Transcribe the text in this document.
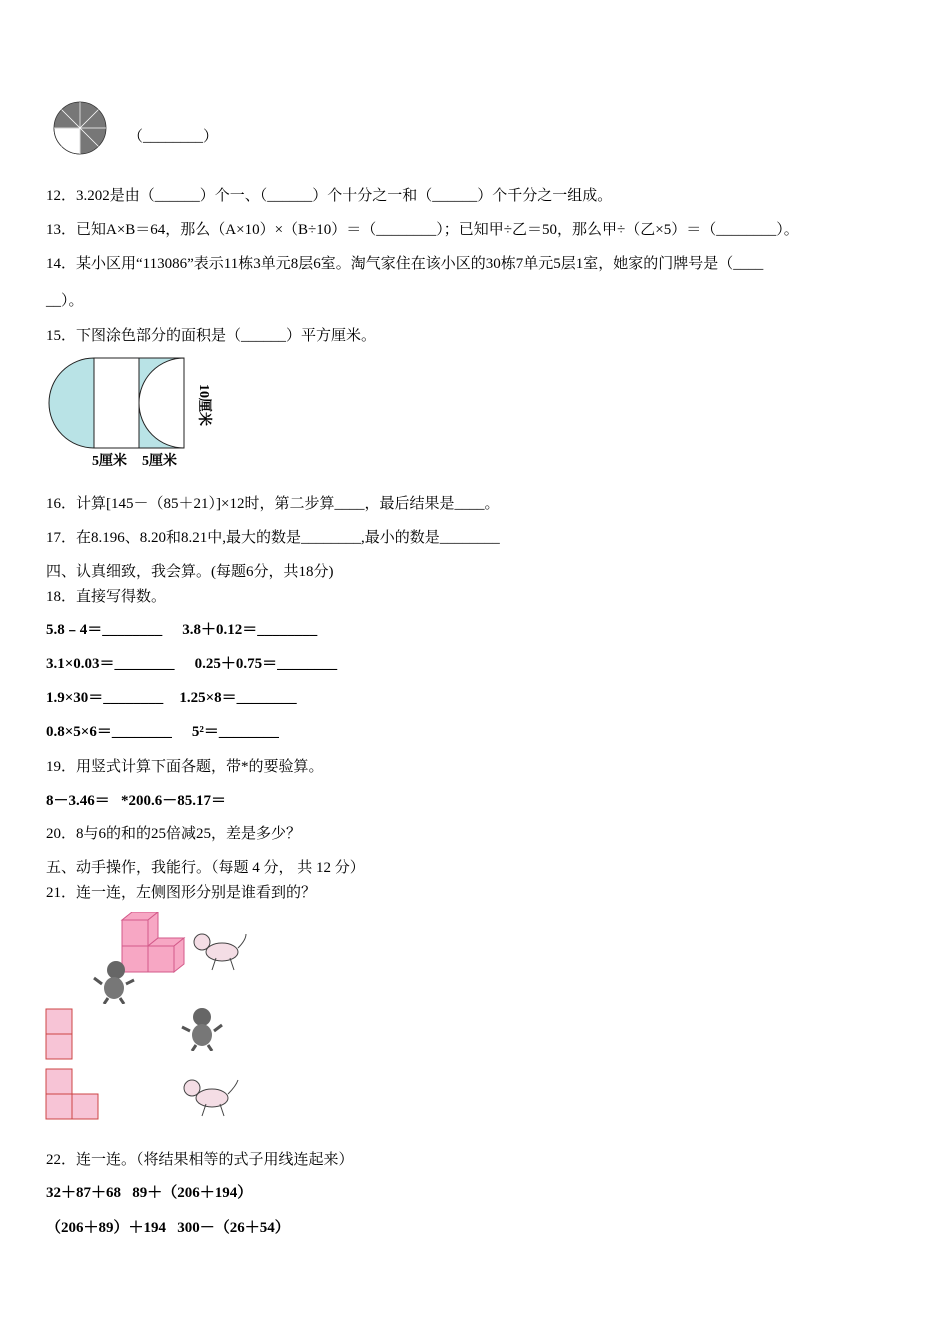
（________）
12．3.202是由（______）个一、（______）个十分之一和（______）个千分之一组成。
13．已知A×B＝64，那么（A×10）×（B÷10）＝（________）；已知甲÷乙＝50，那么甲÷（乙×5）＝（________）。
14．某小区用“113086”表示11栋3单元8层6室。淘气家住在该小区的30栋7单元5层1室，她家的门牌号是（____
__）。
15．下图涂色部分的面积是（______）平方厘米。
10厘米
5厘米 5厘米
16．计算[145－（85＋21）]×12时，第二步算____，最后结果是____。
17．在8.196、8.20和8.21中,最大的数是________,最小的数是________
四、认真细致，我会算。(每题6分，共18分)
18．直接写得数。
5.8﹣4＝________ 3.8＋0.12＝________
3.1×0.03＝________ 0.25＋0.75＝________
1.9×30＝________ 1.25×8＝________
0.8×5×6＝________ 5²＝________
19．用竖式计算下面各题，带*的要验算。
8－3.46＝   *200.6－85.17＝
20．8与6的和的25倍减25，差是多少？
五、动手操作，我能行。（每题 4 分， 共 12 分）
21．连一连，左侧图形分别是谁看到的？
22．连一连。（将结果相等的式子用线连起来）
32＋87＋68   89＋（206＋194）
（206＋89）＋194   300－（26＋54）
